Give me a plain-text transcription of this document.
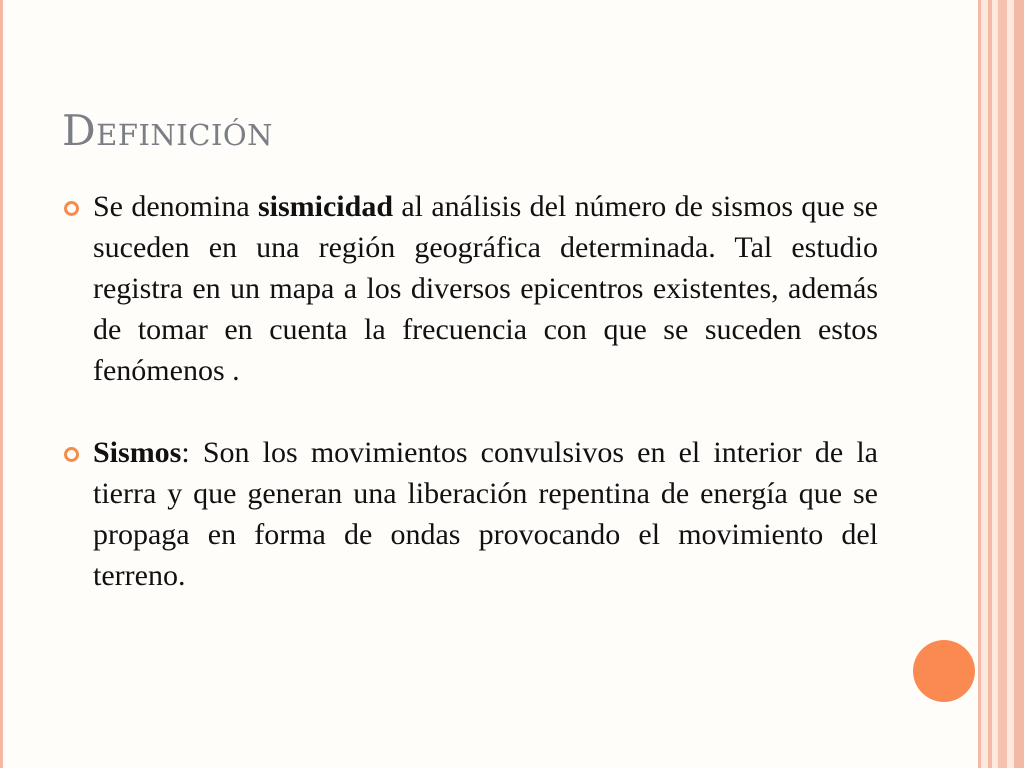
Definición
Se denomina sismicidad al análisis del número de sismos que se suceden en una región geográfica determinada. Tal estudio registra en un mapa a los diversos epicentros existentes, además de tomar en cuenta la frecuencia con que se suceden estos fenómenos .
Sismos: Son los movimientos convulsivos en el interior de la tierra y que generan una liberación repentina de energía que se propaga en forma de ondas provocando el movimiento del terreno.
